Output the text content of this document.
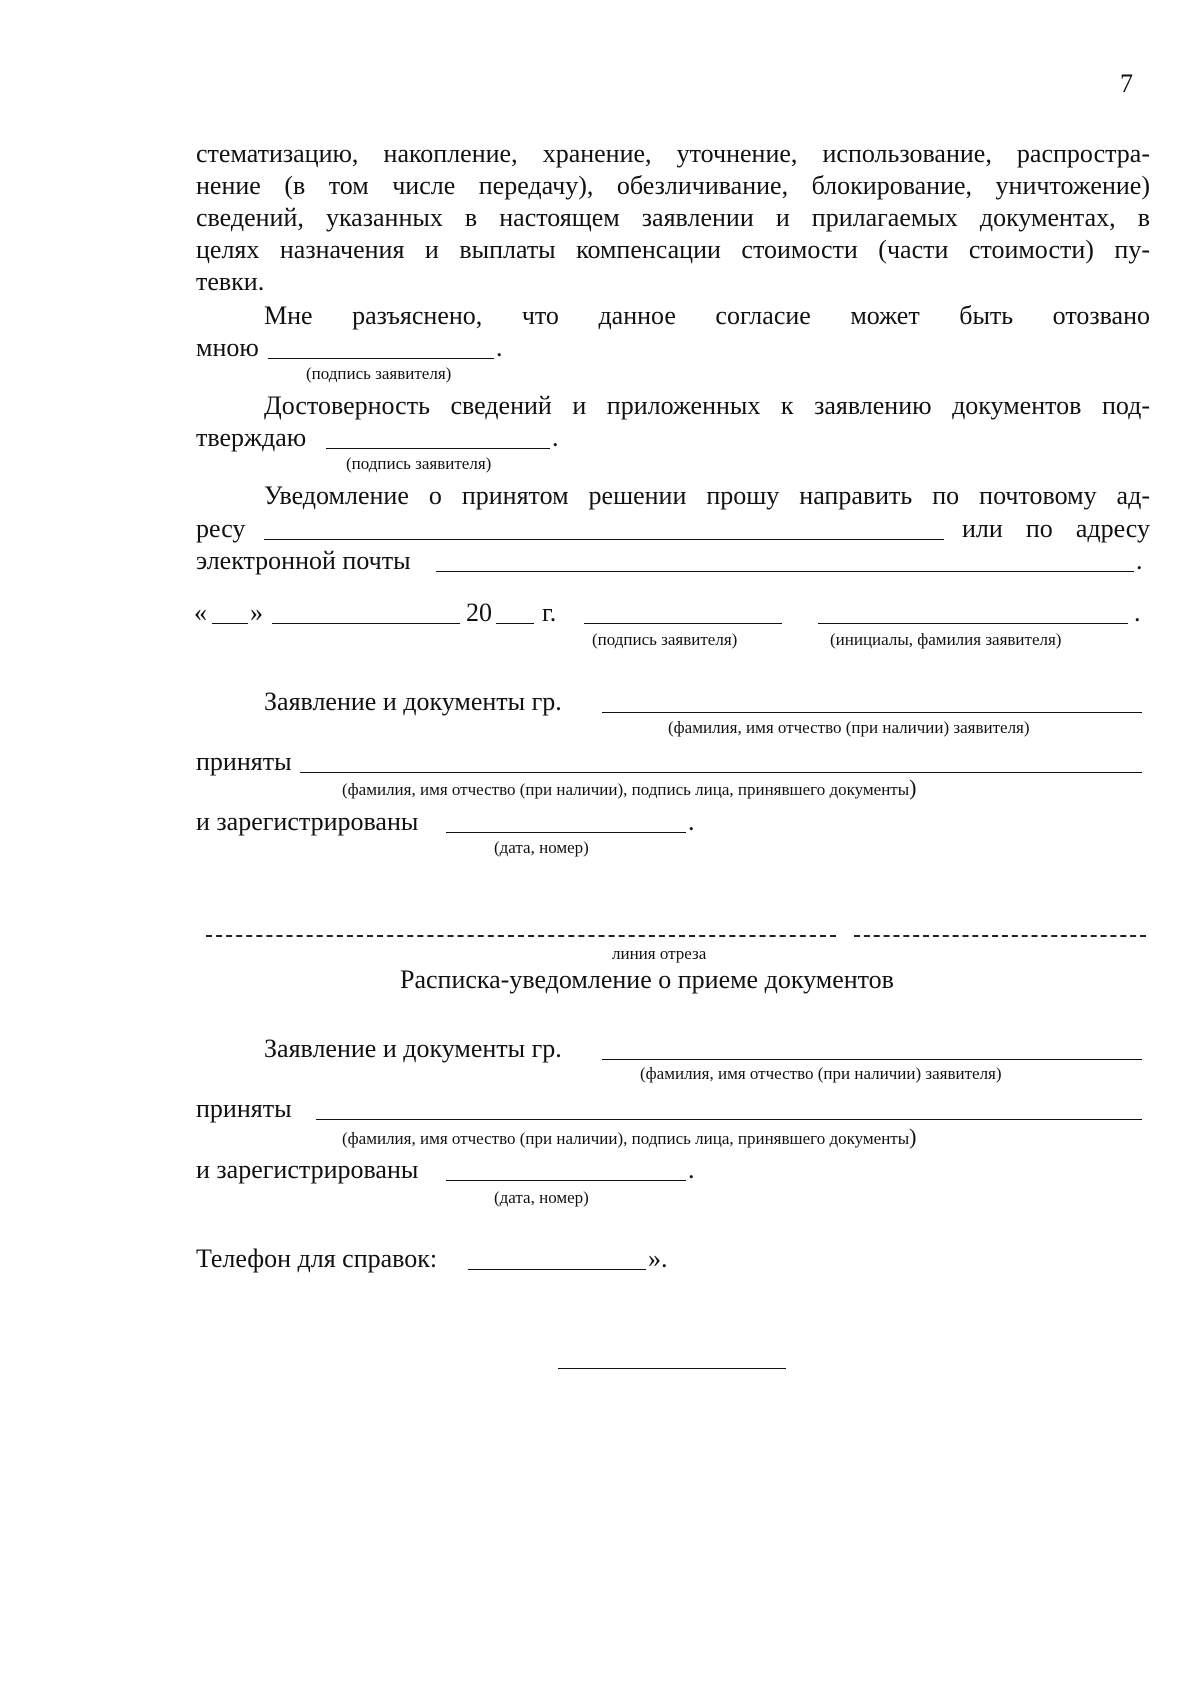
7
стематизацию, накопление, хранение, уточнение, использование, распростра-
нение (в том числе передачу), обезличивание, блокирование, уничтожение)
сведений, указанных в настоящем заявлении и прилагаемых документах, в
целях назначения и выплаты компенсации стоимости (части стоимости) пу-
тевки.
Мне разъяснено, что данное согласие может быть отозвано
мною	.
(подпись заявителя)
Достоверность сведений и приложенных к заявлению документов под-
тверждаю	.
(подпись заявителя)
Уведомление о принятом решении прошу направить по почтовому ад-
ресу	или по адресу
электронной почты	.
« »	20 г.
(подпись заявителя)
.
(инициалы, фамилия заявителя)
Заявление и документы гр.
(фамилия, имя отчество (при наличии) заявителя)
приняты
(фамилия, имя отчество (при наличии), подпись лица, принявшего документы)
и зарегистрированы	.
(дата, номер)
линия отреза
Расписка-уведомление о приеме документов
Заявление и документы гр.
(фамилия, имя отчество (при наличии) заявителя)
приняты
(фамилия, имя отчество (при наличии), подпись лица, принявшего документы)
и зарегистрированы	.
(дата, номер)
Телефон для справок:	».
